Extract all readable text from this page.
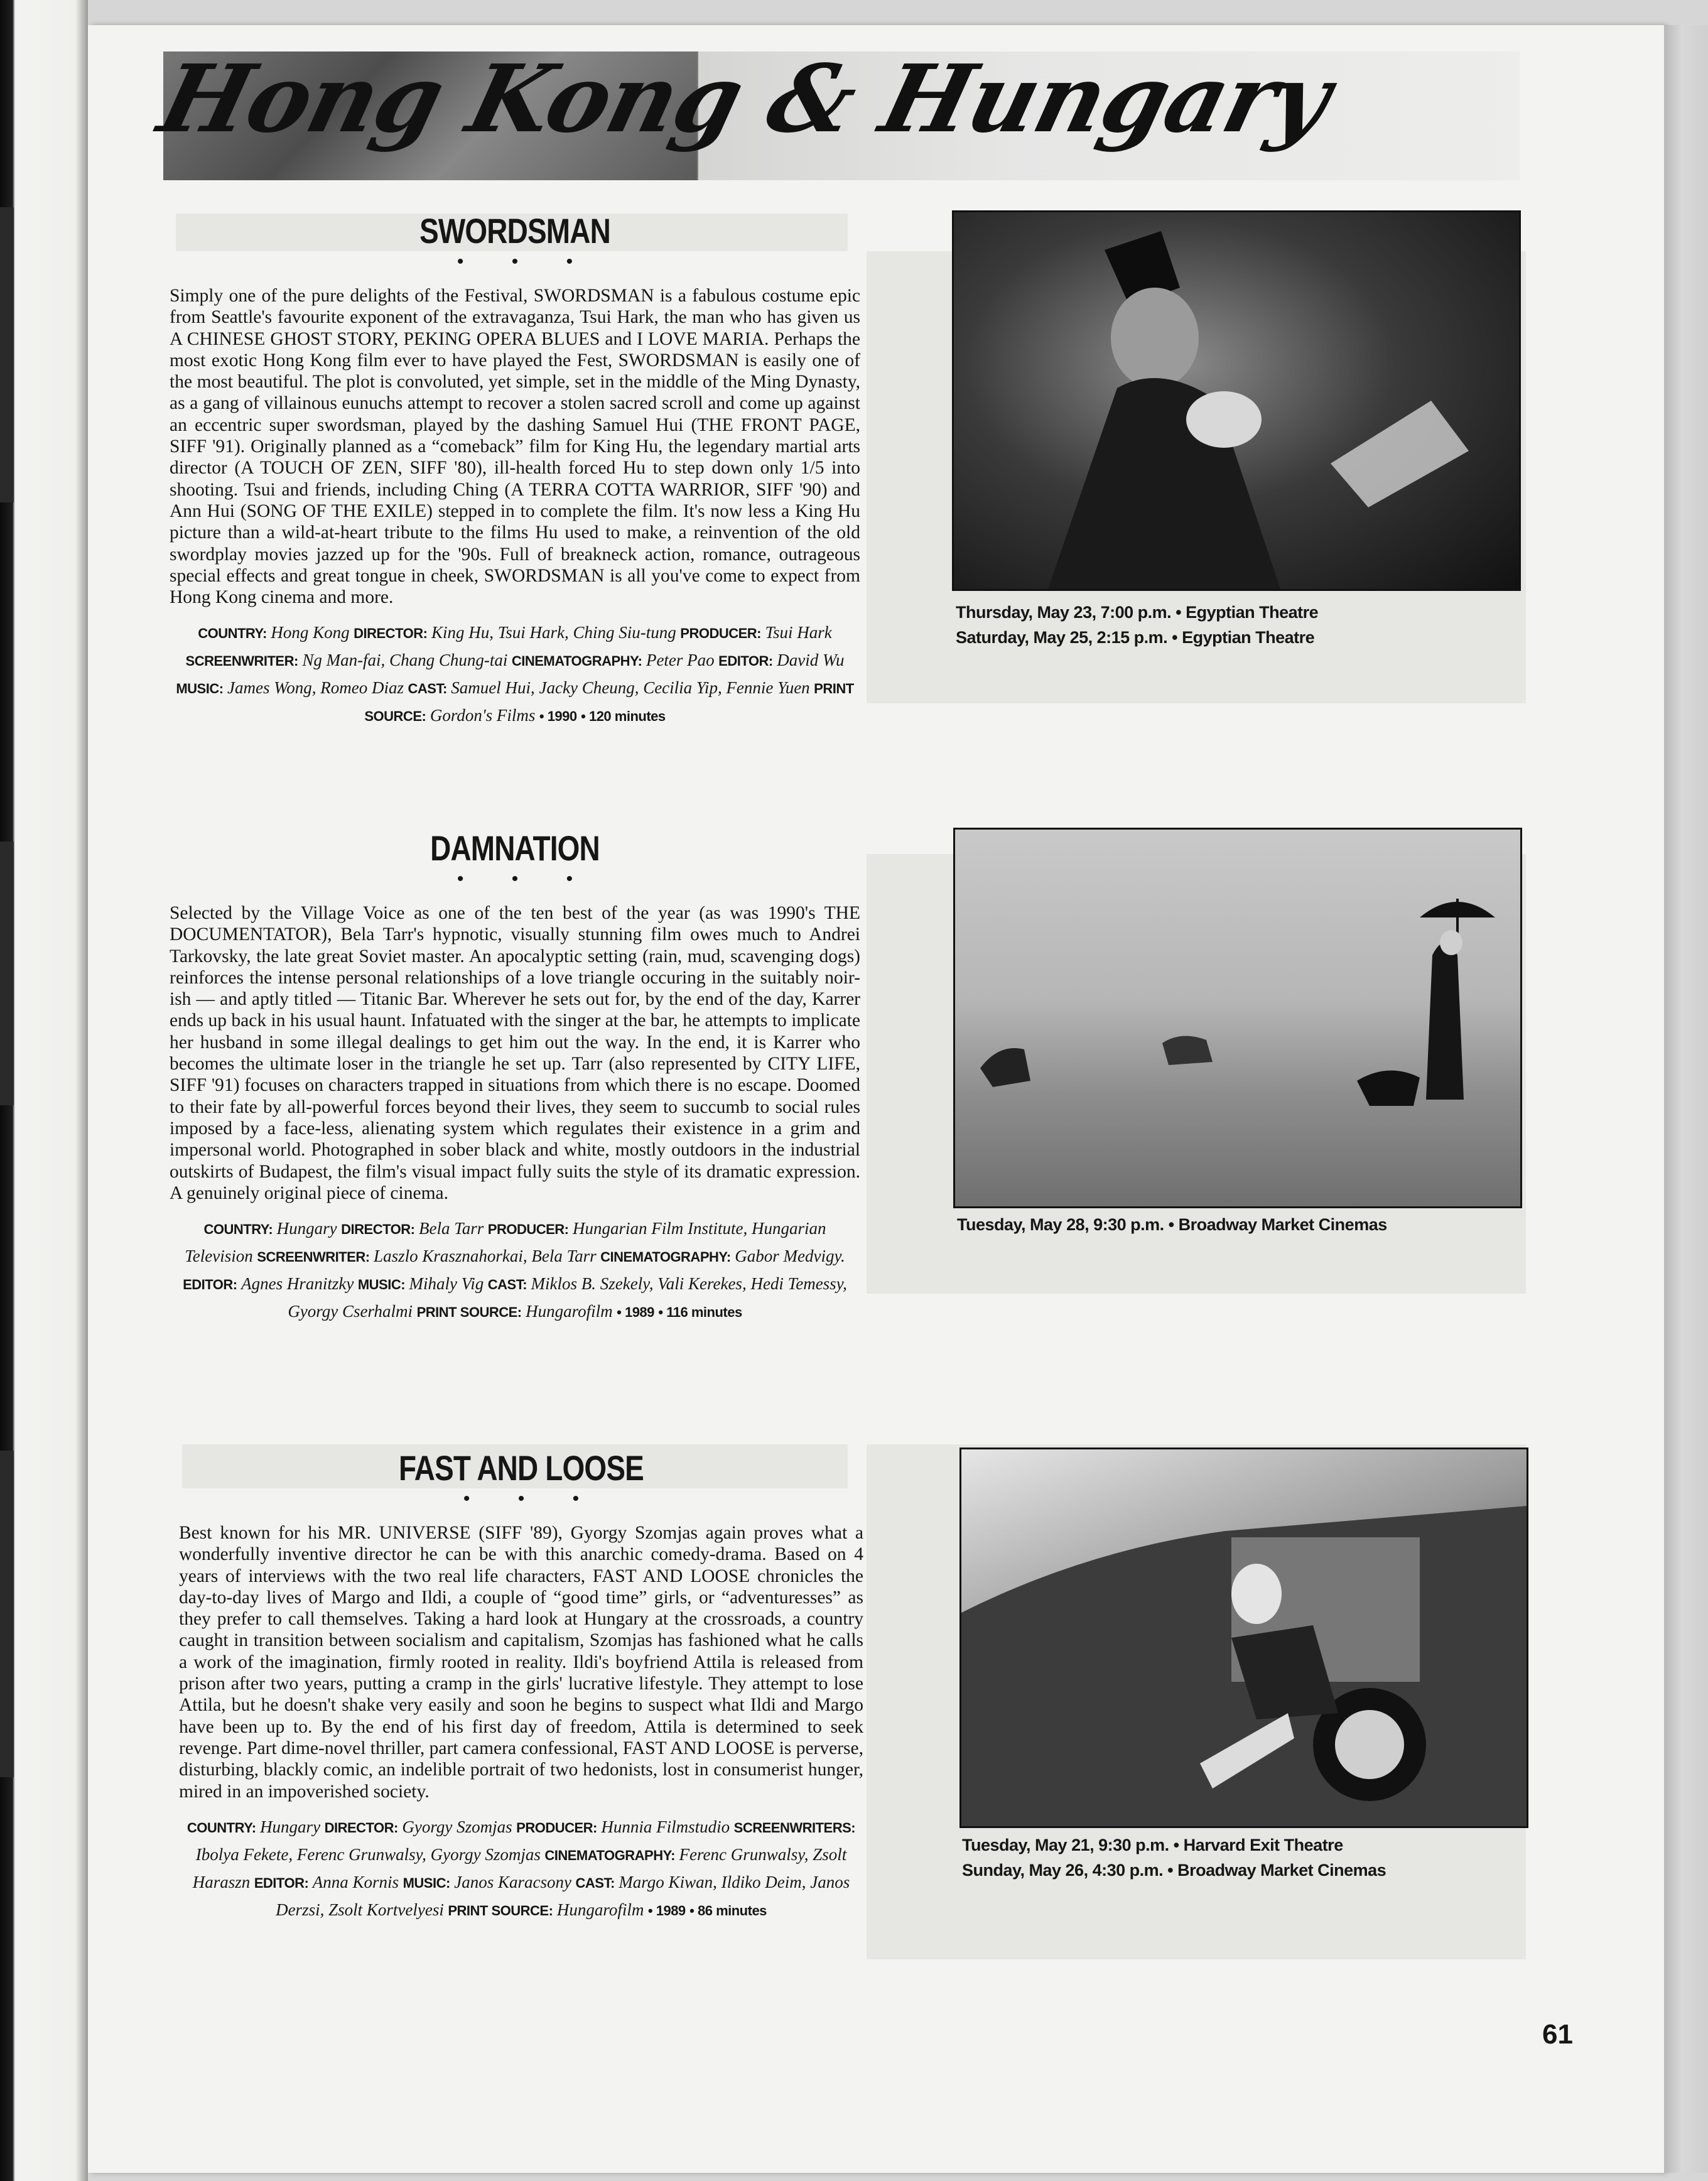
Hong Kong & Hungary
SWORDSMAN

• • •

Simply one of the pure delights of the Festival, SWORDSMAN is a fabulous costume epic from Seattle's favourite exponent of the extravaganza, Tsui Hark, the man who has given us A CHINESE GHOST STORY, PEKING OPERA BLUES and I LOVE MARIA. Perhaps the most exotic Hong Kong film ever to have played the Fest, SWORDSMAN is easily one of the most beautiful. The plot is convoluted, yet simple, set in the middle of the Ming Dynasty, as a gang of villainous eunuchs attempt to recover a stolen sacred scroll and come up against an eccentric super swordsman, played by the dashing Samuel Hui (THE FRONT PAGE, SIFF '91). Originally planned as a “comeback” film for King Hu, the legendary martial arts director (A TOUCH OF ZEN, SIFF '80), ill-health forced Hu to step down only 1/5 into shooting. Tsui and friends, including Ching (A TERRA COTTA WARRIOR, SIFF '90) and Ann Hui (SONG OF THE EXILE) stepped in to complete the film. It's now less a King Hu picture than a wild-at-heart tribute to the films Hu used to make, a reinvention of the old swordplay movies jazzed up for the '90s. Full of breakneck action, romance, outrageous special effects and great tongue in cheek, SWORDSMAN is all you've come to expect from Hong Kong cinema and more.

COUNTRY: Hong Kong DIRECTOR: King Hu, Tsui Hark, Ching Siu-tung PRODUCER: Tsui Hark SCREENWRITER: Ng Man-fai, Chang Chung-tai CINEMATOGRAPHY: Peter Pao EDITOR: David Wu MUSIC: James Wong, Romeo Diaz CAST: Samuel Hui, Jacky Cheung, Cecilia Yip, Fennie Yuen PRINT SOURCE: Gordon's Films • 1990 • 120 minutes
Thursday, May 23, 7:00 p.m. • Egyptian Theatre
Saturday, May 25, 2:15 p.m. • Egyptian Theatre
DAMNATION

• • •

Selected by the Village Voice as one of the ten best of the year (as was 1990's THE DOCUMENTATOR), Bela Tarr's hypnotic, visually stunning film owes much to Andrei Tarkovsky, the late great Soviet master. An apocalyptic setting (rain, mud, scavenging dogs) reinforces the intense personal relationships of a love triangle occuring in the suitably noir-ish — and aptly titled — Titanic Bar. Wherever he sets out for, by the end of the day, Karrer ends up back in his usual haunt. Infatuated with the singer at the bar, he attempts to implicate her husband in some illegal dealings to get him out the way. In the end, it is Karrer who becomes the ultimate loser in the triangle he set up. Tarr (also represented by CITY LIFE, SIFF '91) focuses on characters trapped in situations from which there is no escape. Doomed to their fate by all-powerful forces beyond their lives, they seem to succumb to social rules imposed by a face-less, alienating system which regulates their existence in a grim and impersonal world. Photographed in sober black and white, mostly outdoors in the industrial outskirts of Budapest, the film's visual impact fully suits the style of its dramatic expression. A genuinely original piece of cinema.

COUNTRY: Hungary DIRECTOR: Bela Tarr PRODUCER: Hungarian Film Institute, Hungarian Television SCREENWRITER: Laszlo Krasznahorkai, Bela Tarr CINEMATOGRAPHY: Gabor Medvigy. EDITOR: Agnes Hranitzky MUSIC: Mihaly Vig CAST: Miklos B. Szekely, Vali Kerekes, Hedi Temessy, Gyorgy Cserhalmi PRINT SOURCE: Hungarofilm • 1989 • 116 minutes
Tuesday, May 28, 9:30 p.m. • Broadway Market Cinemas
FAST AND LOOSE

• • •

Best known for his MR. UNIVERSE (SIFF '89), Gyorgy Szomjas again proves what a wonderfully inventive director he can be with this anarchic comedy-drama. Based on 4 years of interviews with the two real life characters, FAST AND LOOSE chronicles the day-to-day lives of Margo and Ildi, a couple of “good time” girls, or “adventuresses” as they prefer to call themselves. Taking a hard look at Hungary at the crossroads, a country caught in transition between socialism and capitalism, Szomjas has fashioned what he calls a work of the imagination, firmly rooted in reality. Ildi's boyfriend Attila is released from prison after two years, putting a cramp in the girls' lucrative lifestyle. They attempt to lose Attila, but he doesn't shake very easily and soon he begins to suspect what Ildi and Margo have been up to. By the end of his first day of freedom, Attila is determined to seek revenge. Part dime-novel thriller, part camera confessional, FAST AND LOOSE is perverse, disturbing, blackly comic, an indelible portrait of two hedonists, lost in consumerist hunger, mired in an impoverished society.

COUNTRY: Hungary DIRECTOR: Gyorgy Szomjas PRODUCER: Hunnia Filmstudio SCREENWRITERS: Ibolya Fekete, Ferenc Grunwalsy, Gyorgy Szomjas CINEMATOGRAPHY: Ferenc Grunwalsy, Zsolt Haraszn EDITOR: Anna Kornis MUSIC: Janos Karacsony CAST: Margo Kiwan, Ildiko Deim, Janos Derzsi, Zsolt Kortvelyesi PRINT SOURCE: Hungarofilm • 1989 • 86 minutes
Tuesday, May 21, 9:30 p.m. • Harvard Exit Theatre
Sunday, May 26, 4:30 p.m. • Broadway Market Cinemas
61
